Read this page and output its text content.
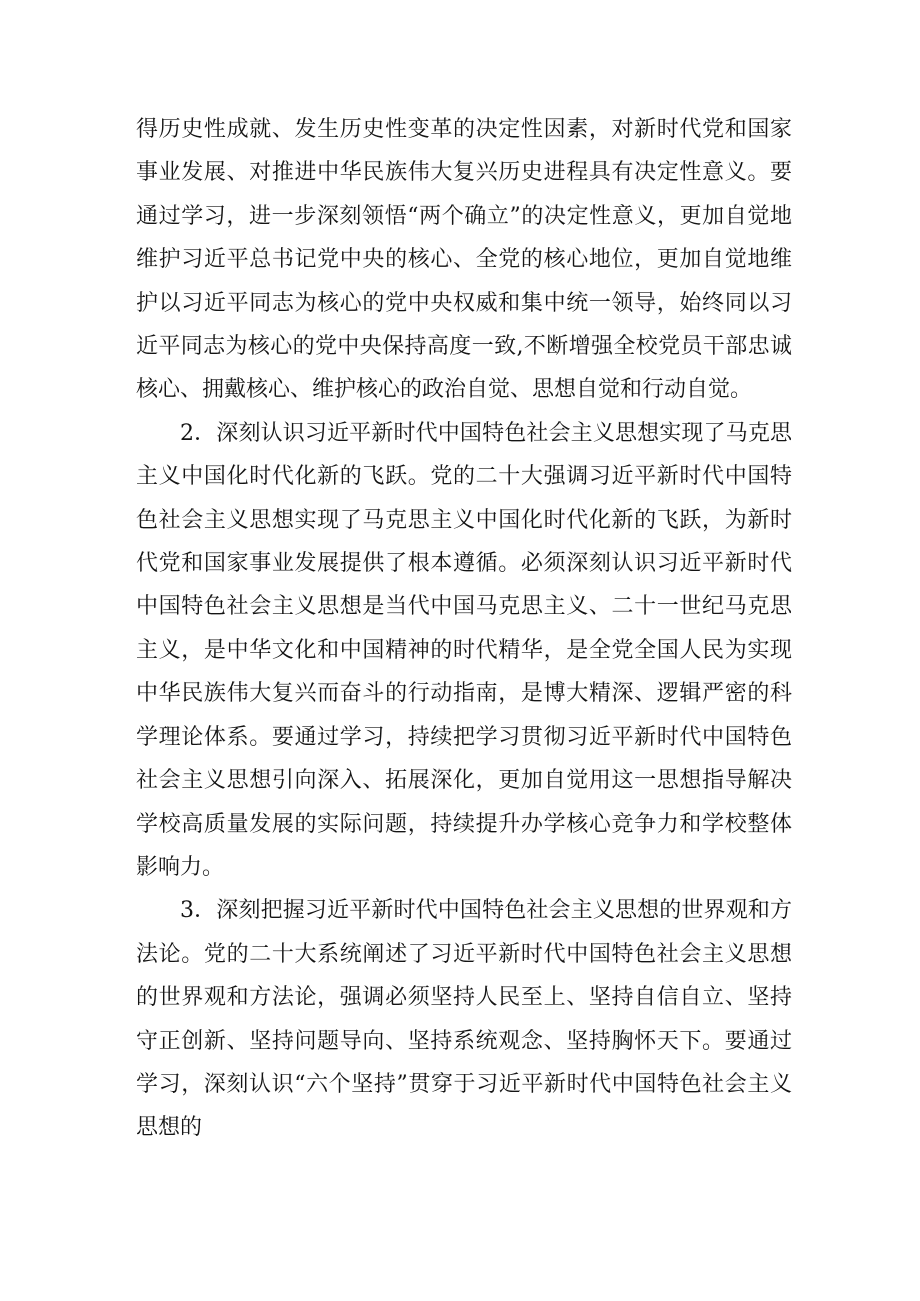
得历史性成就、发生历史性变革的决定性因素，对新时代党和国家事业发展、对推进中华民族伟大复兴历史进程具有决定性意义。要通过学习，进一步深刻领悟“两个确立”的决定性意义，更加自觉地维护习近平总书记党中央的核心、全党的核心地位，更加自觉地维护以习近平同志为核心的党中央权威和集中统一领导，始终同以习近平同志为核心的党中央保持高度一致,不断增强全校党员干部忠诚核心、拥戴核心、维护核心的政治自觉、思想自觉和行动自觉。

2．深刻认识习近平新时代中国特色社会主义思想实现了马克思主义中国化时代化新的飞跃。党的二十大强调习近平新时代中国特色社会主义思想实现了马克思主义中国化时代化新的飞跃，为新时代党和国家事业发展提供了根本遵循。必须深刻认识习近平新时代中国特色社会主义思想是当代中国马克思主义、二十一世纪马克思主义，是中华文化和中国精神的时代精华，是全党全国人民为实现中华民族伟大复兴而奋斗的行动指南，是博大精深、逻辑严密的科学理论体系。要通过学习，持续把学习贯彻习近平新时代中国特色社会主义思想引向深入、拓展深化，更加自觉用这一思想指导解决学校高质量发展的实际问题，持续提升办学核心竞争力和学校整体影响力。

3．深刻把握习近平新时代中国特色社会主义思想的世界观和方法论。党的二十大系统阐述了习近平新时代中国特色社会主义思想的世界观和方法论，强调必须坚持人民至上、坚持自信自立、坚持守正创新、坚持问题导向、坚持系统观念、坚持胸怀天下。要通过学习，深刻认识“六个坚持”贯穿于习近平新时代中国特色社会主义思想的
